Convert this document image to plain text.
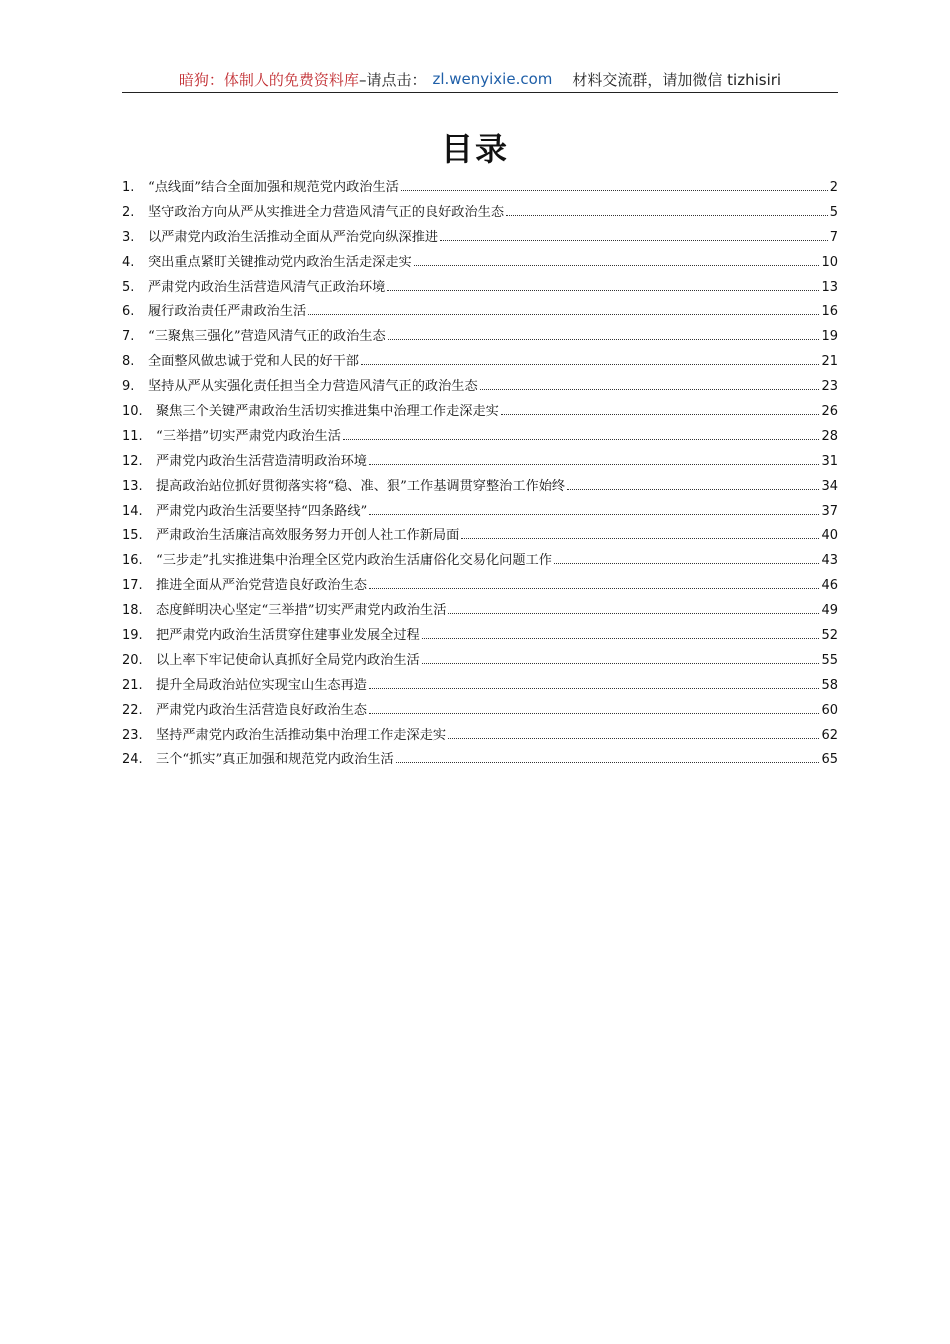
暗狗：体制人的免费资料库 –请点击： zl.wenyixie.com 材料交流群，请加微信 tizhisiri
目录
1.	“点线面”结合全面加强和规范党内政治生活	2
2.	坚守政治方向从严从实推进全力营造风清气正的良好政治生态	5
3.	以严肃党内政治生活推动全面从严治党向纵深推进	7
4.	突出重点紧盯关键推动党内政治生活走深走实	10
5.	严肃党内政治生活营造风清气正政治环境	13
6.	履行政治责任严肃政治生活	16
7.	“三聚焦三强化”营造风清气正的政治生态	19
8.	全面整风做忠诚于党和人民的好干部	21
9.	坚持从严从实强化责任担当全力营造风清气正的政治生态	23
10.	聚焦三个关键严肃政治生活切实推进集中治理工作走深走实	26
11.	“三举措”切实严肃党内政治生活	28
12.	严肃党内政治生活营造清明政治环境	31
13.	提高政治站位抓好贯彻落实将“稳、准、狠”工作基调贯穿整治工作始终	34
14.	严肃党内政治生活要坚持“四条路线”	37
15.	严肃政治生活廉洁高效服务努力开创人社工作新局面	40
16.	“三步走”扎实推进集中治理全区党内政治生活庸俗化交易化问题工作	43
17.	推进全面从严治党营造良好政治生态	46
18.	态度鲜明决心坚定“三举措”切实严肃党内政治生活	49
19.	把严肃党内政治生活贯穿住建事业发展全过程	52
20.	以上率下牢记使命认真抓好全局党内政治生活	55
21.	提升全局政治站位实现宝山生态再造	58
22.	严肃党内政治生活营造良好政治生态	60
23.	坚持严肃党内政治生活推动集中治理工作走深走实	62
24.	三个“抓实”真正加强和规范党内政治生活	65
